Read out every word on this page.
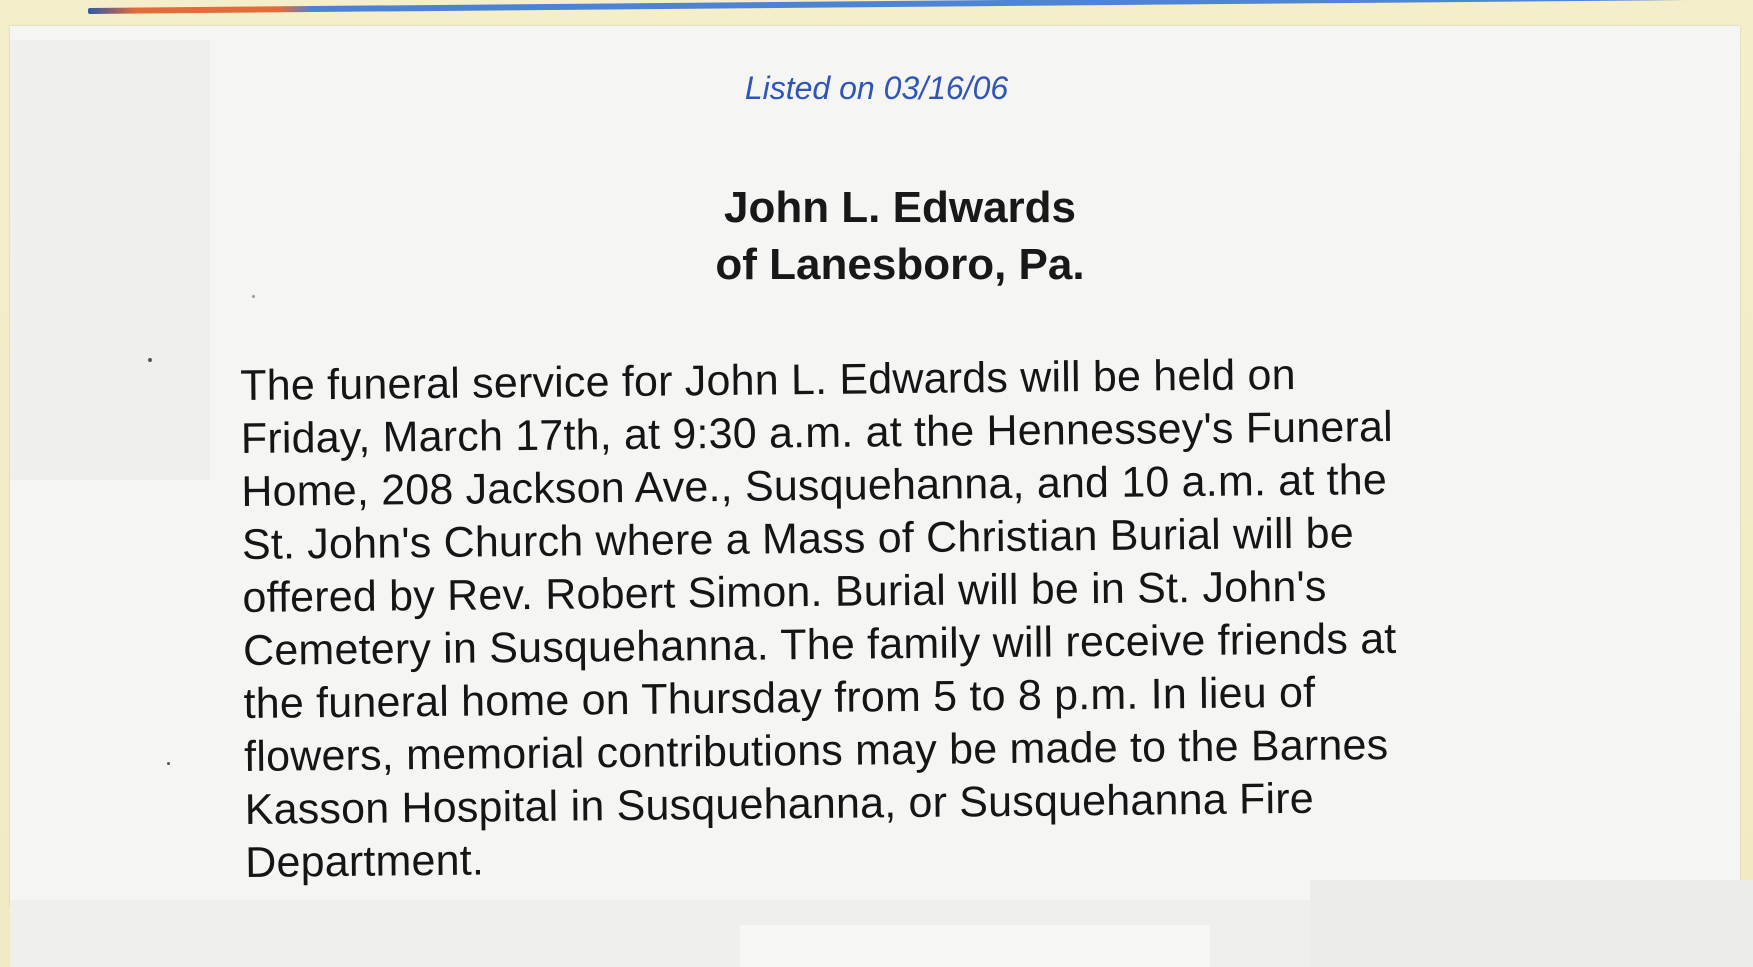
Listed on 03/16/06
John L. Edwards
of Lanesboro, Pa.
The funeral service for John L. Edwards will be held on
Friday, March 17th, at 9:30 a.m. at the Hennessey's Funeral
Home, 208 Jackson Ave., Susquehanna, and 10 a.m. at the
St. John's Church where a Mass of Christian Burial will be
offered by Rev. Robert Simon. Burial will be in St. John's
Cemetery in Susquehanna. The family will receive friends at
the funeral home on Thursday from 5 to 8 p.m. In lieu of
flowers, memorial contributions may be made to the Barnes
Kasson Hospital in Susquehanna, or Susquehanna Fire
Department.
